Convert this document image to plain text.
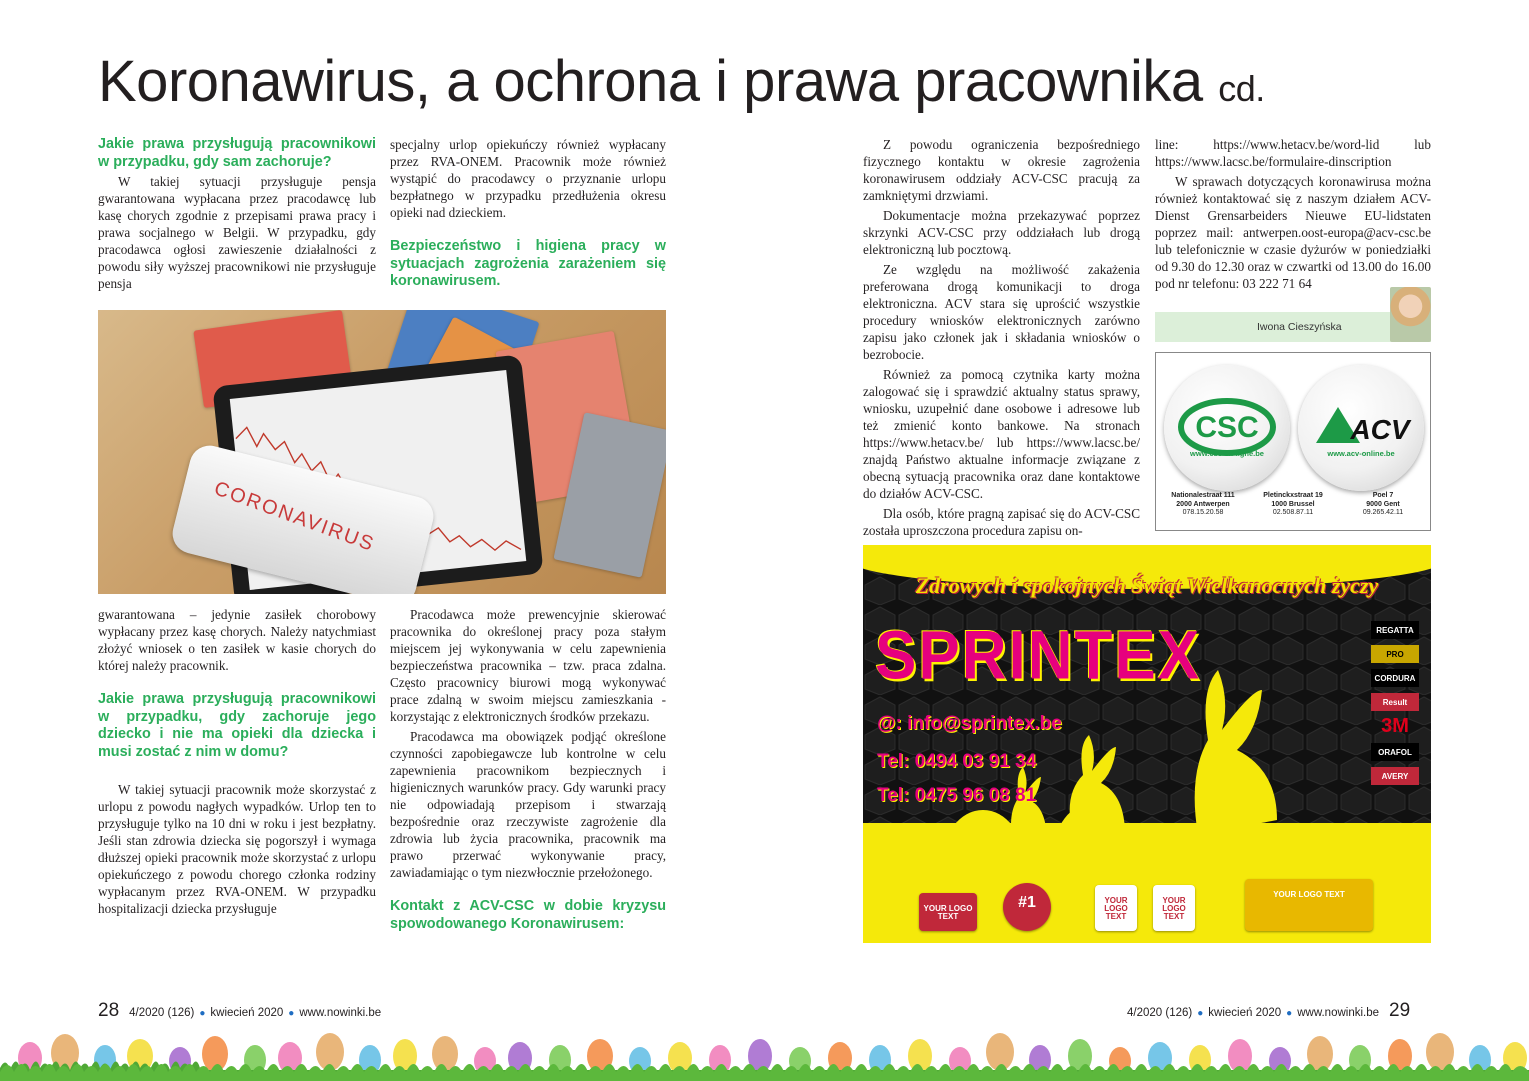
Koronawirus, a ochrona i prawa pracownika cd.
Jakie prawa przysługują pracownikowi w przypadku, gdy sam zachoruje?

W takiej sytuacji przysługuje pensja gwarantowana wypłacana przez pracodawcę lub kasę chorych zgodnie z przepisami prawa pracy i prawa socjalnego w Belgii. W przypadku, gdy pracodawca ogłosi zawieszenie działalności z powodu siły wyższej pracownikowi nie przysługuje pensja

specjalny urlop opiekuńczy również wypłacany przez RVA-ONEM. Pracownik może również wystąpić do pracodawcy o przyznanie urlopu bezpłatnego w przypadku przedłużenia okresu opieki nad dzieckiem.

Bezpieczeństwo i higiena pracy w sytuacjach zagrożenia zarażeniem się koronawirusem.
CORONAVIRUS

gwarantowana – jedynie zasiłek chorobowy wypłacany przez kasę chorych. Należy natychmiast złożyć wniosek o ten zasiłek w kasie chorych do której należy pracownik.

Jakie prawa przysługują pracownikowi w przypadku, gdy zachoruje jego dziecko i nie ma opieki dla dziecka i musi zostać z nim w domu?

W takiej sytuacji pracownik może skorzystać z urlopu z powodu nagłych wypadków. Urlop ten to przysługuje tylko na 10 dni w roku i jest bezpłatny. Jeśli stan zdrowia dziecka się pogorszył i wymaga dłuższej opieki pracownik może skorzystać z urlopu opiekuńczego z powodu chorego członka rodziny wypłacanym przez RVA-ONEM. W przypadku hospitalizacji dziecka przysługuje

Pracodawca może prewencyjnie skierować pracownika do określonej pracy poza stałym miejscem jej wykonywania w celu zapewnienia bezpieczeństwa pracownika – tzw. praca zdalna. Często pracownicy biurowi mogą wykonywać prace zdalną w swoim miejscu zamieszkania - korzystając z elektronicznych środków przekazu.

Pracodawca ma obowiązek podjąć określone czynności zapobiegawcze lub kontrolne w celu zapewnienia pracownikom bezpiecznych i higienicznych warunków pracy. Gdy warunki pracy nie odpowiadają przepisom i stwarzają bezpośrednie oraz rzeczywiste zagrożenie dla zdrowia lub życia pracownika, pracownik ma prawo przerwać wykonywanie pracy, zawiadamiając o tym niezwłocznie przełożonego.

Kontakt z ACV-CSC w dobie kryzysu spowodowanego Koronawirusem:

Z powodu ograniczenia bezpośredniego fizycznego kontaktu w okresie zagrożenia koronawirusem oddziały ACV-CSC pracują za zamkniętymi drzwiami.

Dokumentacje można przekazywać poprzez skrzynki ACV-CSC przy oddziałach lub drogą elektroniczną lub pocztową.

Ze względu na możliwość zakażenia preferowana drogą komunikacji to droga elektroniczna. ACV stara się uprościć wszystkie procedury wniosków elektronicznych zarówno zapisu jako członek jak i składania wniosków o bezrobocie.

Również za pomocą czytnika karty można zalogować się i sprawdzić aktualny status sprawy, wniosku, uzupełnić dane osobowe i adresowe lub też zmienić konto bankowe. Na stronach https://www.hetacv.be/ lub https://www.lacsc.be/ znajdą Państwo aktualne informacje związane z obecną sytuacją pracownika oraz dane kontaktowe do działów ACV-CSC.

Dla osób, które pragną zapisać się do ACV-CSC została uproszczona procedura zapisu on-

line: https://www.hetacv.be/word-lid lub https://www.lacsc.be/formulaire-dinscription

W sprawach dotyczących koronawirusa można również kontaktować się z naszym działem ACV-Dienst Grensarbeiders Nieuwe EU-lidstaten poprzez mail: antwerpen.oost-europa@acv-csc.be lub telefonicznie w czasie dyżurów w poniedziałki od 9.30 do 12.30 oraz w czwartki od 13.00 do 16.00 pod nr telefonu: 03 222 71 64

Iwona Cieszyńska
CSC
www.csc-en-ligne.be
ACV
www.acv-online.be
Nationalestraat 111
2000 Antwerpen
078.15.20.58
Pletinckxstraat 19
1000 Brussel
02.508.87.11
Poel 7
9000 Gent
09.265.42.11
Zdrowych i spokojnych Świąt Wielkanocnych życzy
SPRINTEX
@: info@sprintex.be
Tel: 0494 03 91 34
Tel: 0475 96 08 81
REGATTA
PRO
CORDURA
Result
3M
ORAFOL
AVERY
YOUR LOGO TEXT
#1	YOUR LOGO TEXT
YOUR LOGO TEXT
YOUR LOGO TEXT
28 4/2020 (126) ● kwiecień 2020 ● www.nowinki.be	4/2020 (126) ● kwiecień 2020 ● www.nowinki.be 29
